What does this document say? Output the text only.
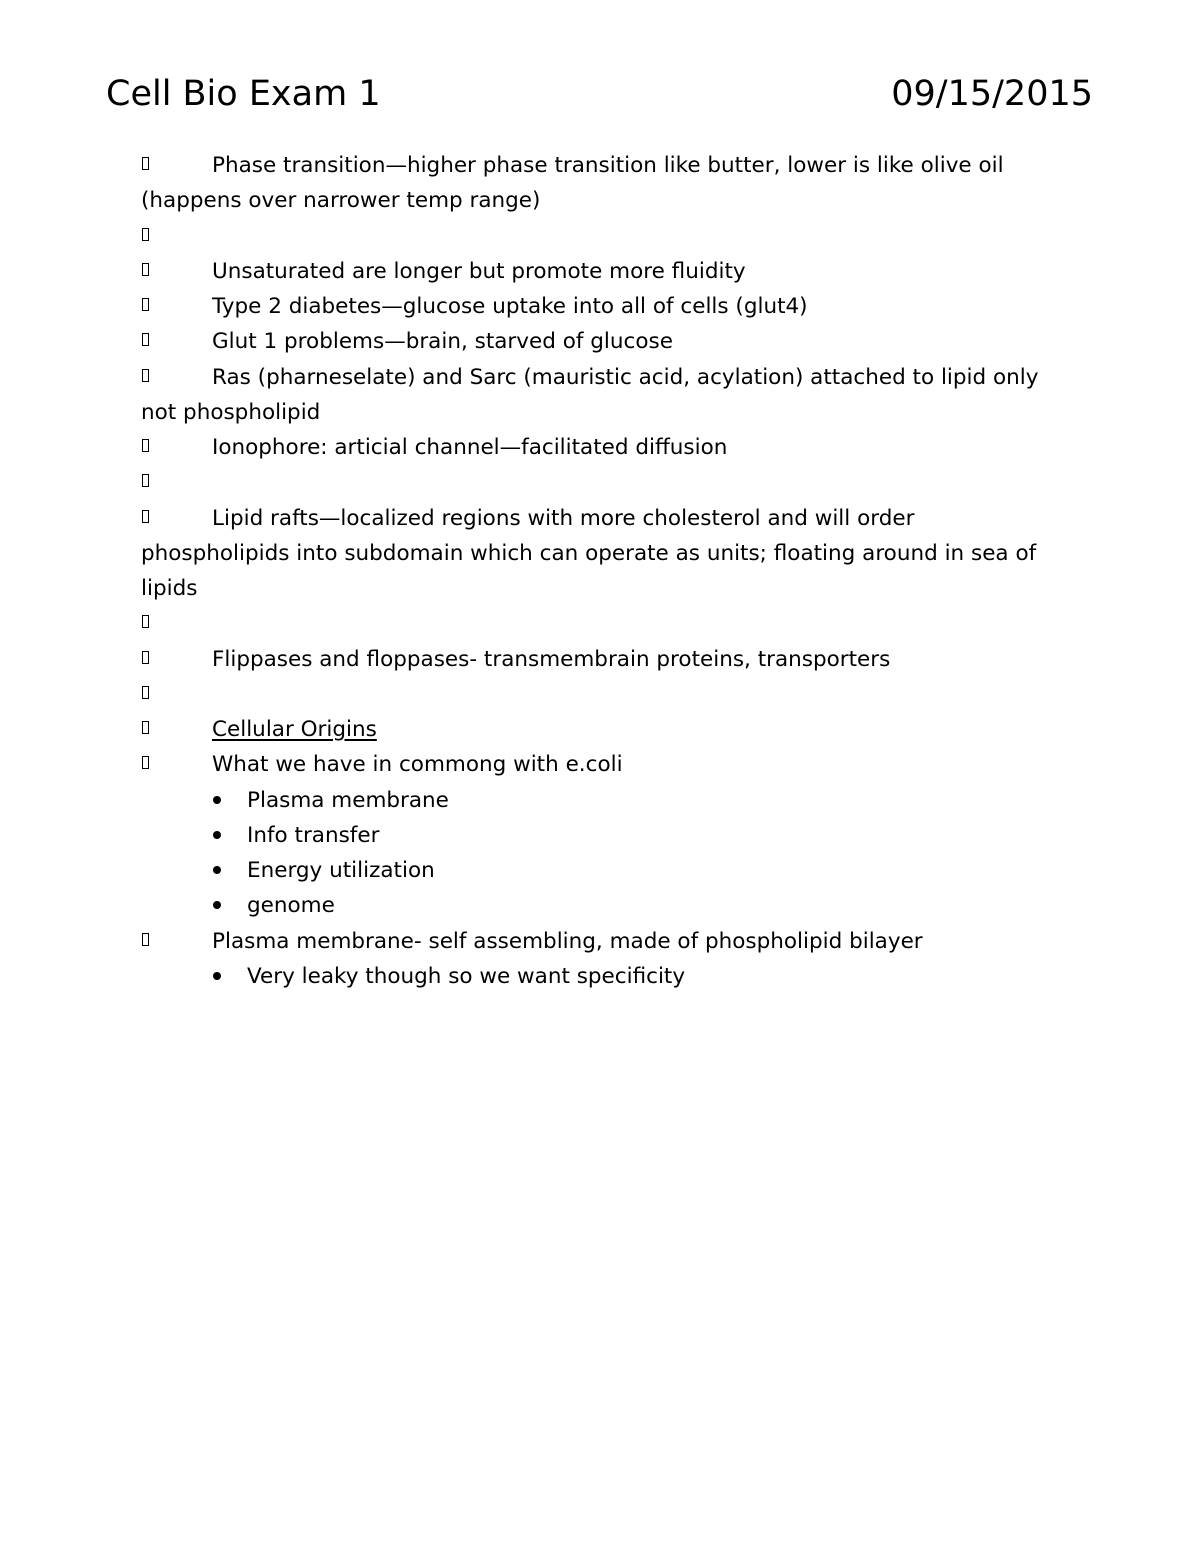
Cell Bio Exam 1	09/15/2015
Phase transition—higher phase transition like butter, lower is like olive oil (happens over narrower temp range)
Unsaturated are longer but promote more fluidity
Type 2 diabetes—glucose uptake into all of cells (glut4)
Glut 1 problems—brain, starved of glucose
Ras (pharneselate) and Sarc (mauristic acid, acylation) attached to lipid only not phospholipid
Ionophore: articial channel—facilitated diffusion
Lipid rafts—localized regions with more cholesterol and will order phospholipids into subdomain which can operate as units; floating around in sea of lipids
Flippases and floppases- transmembrain proteins, transporters
Cellular Origins
What we have in commong with e.coli
Plasma membrane
Info transfer
Energy utilization
genome
Plasma membrane- self assembling, made of phospholipid bilayer
Very leaky though so we want specificity
